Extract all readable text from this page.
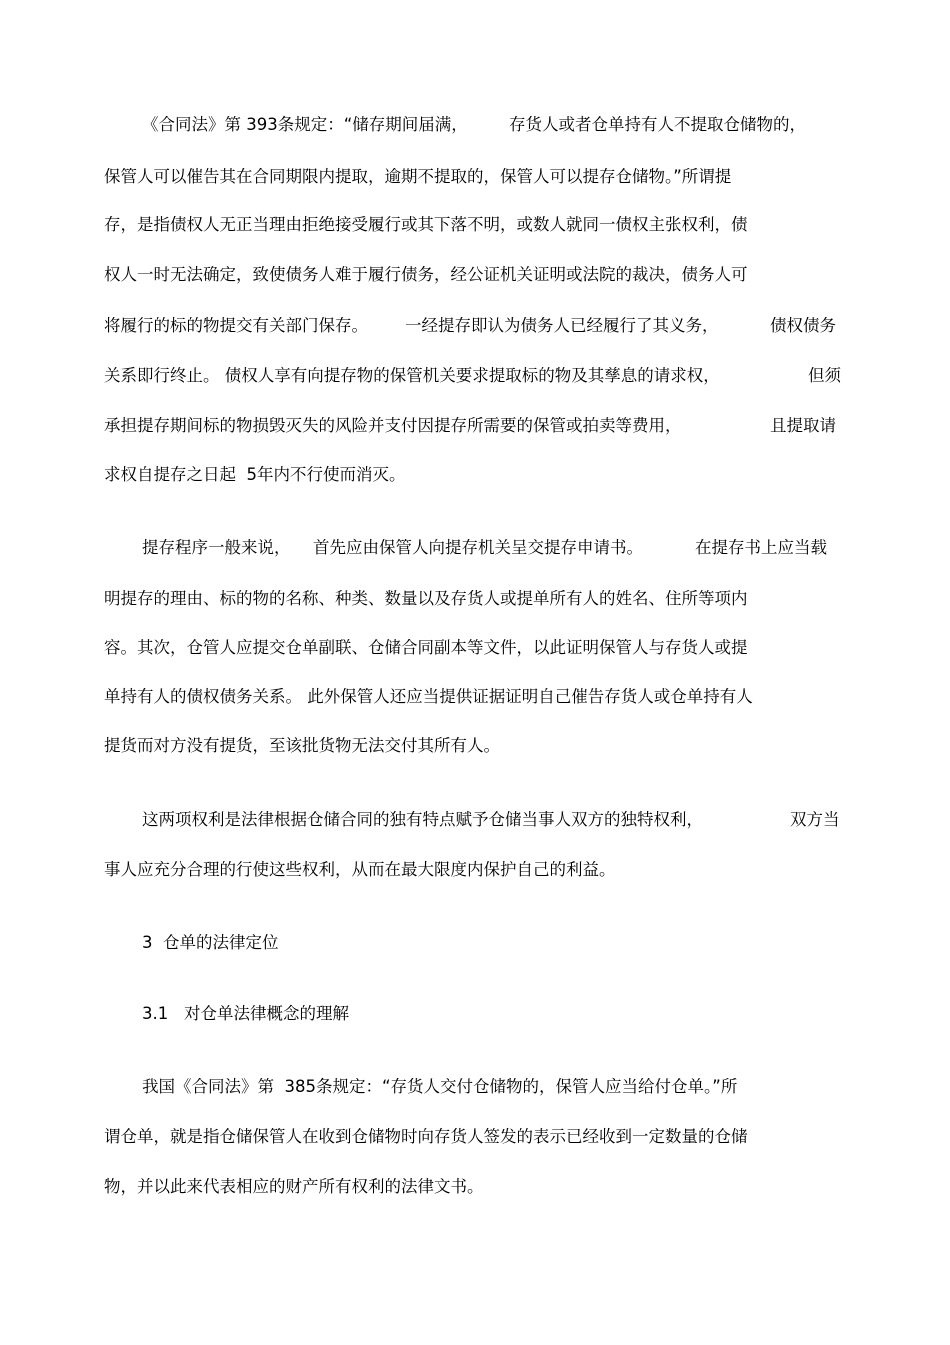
《合同法》第 393条规定：“储存期间届满，

存货人或者仓单持有人不提取仓储物的，

保管人可以催告其在合同期限内提取，逾期不提取的，保管人可以提存仓储物。”所谓提

存，是指债权人无正当理由拒绝接受履行或其下落不明，或数人就同一债权主张权利，债

权人一时无法确定，致使债务人难于履行债务，经公证机关证明或法院的裁决，债务人可

将履行的标的物提交有关部门保存。

一经提存即认为债务人已经履行了其义务，

	债权债务

关系即行终止。 债权人享有向提存物的保管机关要求提取标的物及其孳息的请求权，

	但须

承担提存期间标的物损毁灭失的风险并支付因提存所需要的保管或拍卖等费用，

	且提取请

求权自提存之日起  5年内不行使而消灭。

提存程序一般来说，

首先应由保管人向提存机关呈交提存申请书。

	在提存书上应当载

明提存的理由、标的物的名称、种类、数量以及存货人或提单所有人的姓名、住所等项内

容。其次，仓管人应提交仓单副联、仓储合同副本等文件，以此证明保管人与存货人或提

单持有人的债权债务关系。 此外保管人还应当提供证据证明自己催告存货人或仓单持有人

提货而对方没有提货，至该批货物无法交付其所有人。

这两项权利是法律根据仓储合同的独有特点赋予仓储当事人双方的独特权利，

	双方当

事人应充分合理的行使这些权利，从而在最大限度内保护自己的利益。

3  仓单的法律定位

3.1   对仓单法律概念的理解

我国《合同法》第  385条规定：“存货人交付仓储物的，保管人应当给付仓单。”所

谓仓单，就是指仓储保管人在收到仓储物时向存货人签发的表示已经收到一定数量的仓储

物，并以此来代表相应的财产所有权利的法律文书。
